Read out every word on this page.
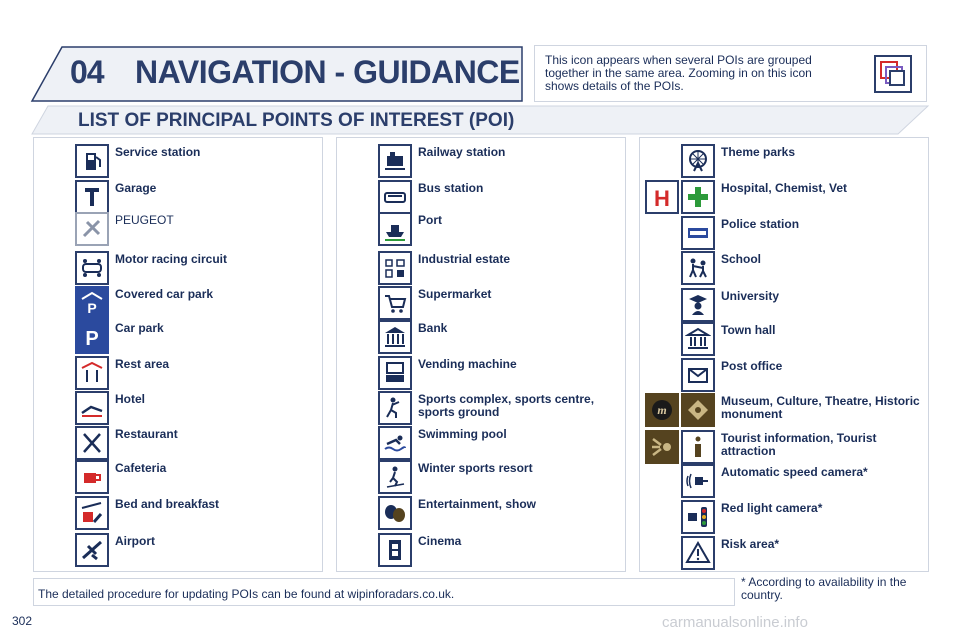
04 NAVIGATION - GUIDANCE This icon appears when several POIs are grouped together in the same area. Zooming in on this icon shows details of the POIs.
LIST OF PRINCIPAL POINTS OF INTEREST (POI)
Service station
Garage
PEUGEOT
Motor racing circuit
P
Covered car park
P Car park
Rest area
Hotel
Restaurant
Cafeteria
Bed and breakfast
Airport
Railway station
Bus station
Port
Industrial estate
Supermarket
Bank
Vending machine
Sports complex, sports centre, sports ground
Swimming pool
Winter sports resort
Entertainment, show
Cinema
Theme parks
H	Hospital, Chemist, Vet
Police station
School
University
Town hall
Post office
m
Museum, Culture, Theatre, Historic monument
Tourist information, Tourist attraction
Automatic speed camera*
Red light camera*
Risk area*
The detailed procedure for updating POIs can be found at wipinforadars.co.uk.
* According to availability in the country.
302	carmanualsonline.info
